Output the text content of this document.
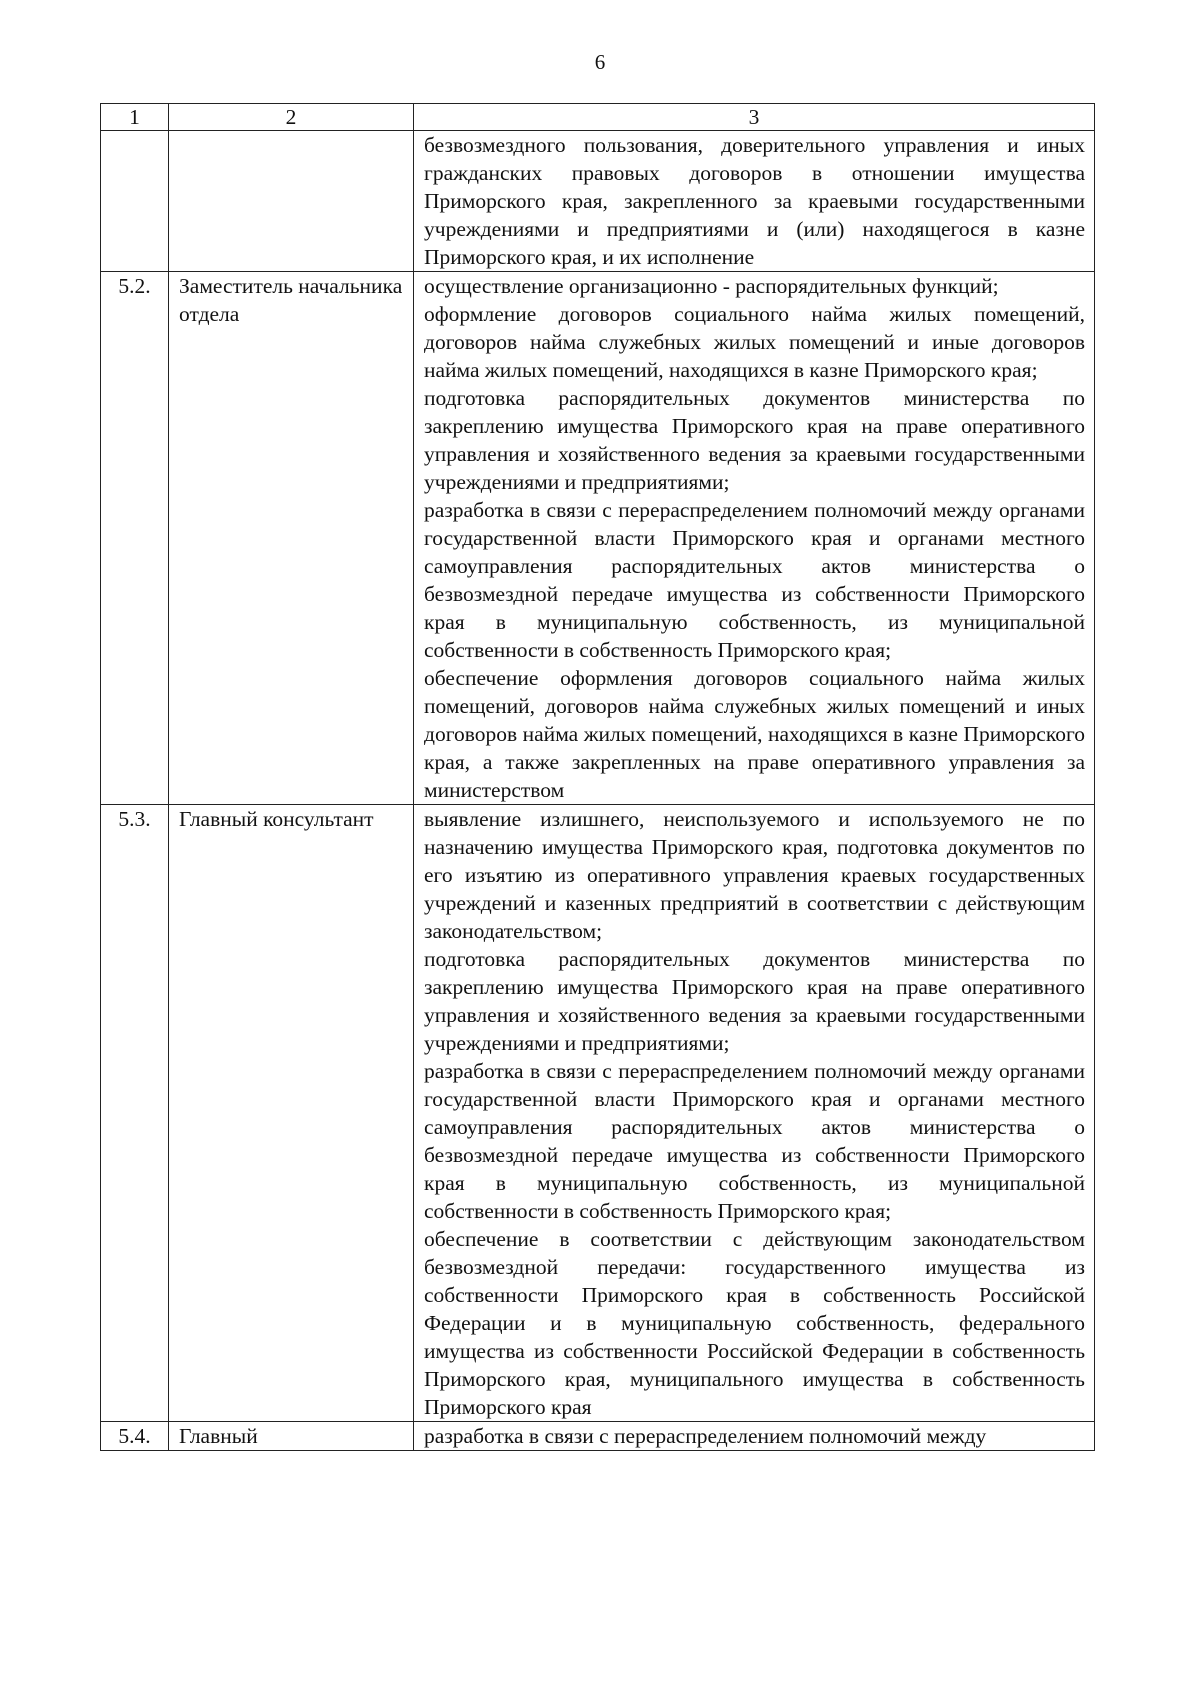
6
1	2	3

		безвозмездного пользования, доверительного управления и иных гражданских правовых договоров в отношении имущества Приморского края, закрепленного за краевыми государственными учреждениями и предприятиями и (или) находящегося в казне Приморского края, и их исполнение

5.2.	Заместитель начальника отдела	осуществление организационно - распорядительных функций;
оформление договоров социального найма жилых помещений, договоров найма служебных жилых помещений и иные договоров найма жилых помещений, находящихся в казне Приморского края;
подготовка распорядительных документов министерства по закреплению имущества Приморского края на праве оперативного управления и хозяйственного ведения за краевыми государственными учреждениями и предприятиями;
разработка в связи с перераспределением полномочий между органами государственной власти Приморского края и органами местного самоуправления распорядительных актов министерства о безвозмездной передаче имущества из собственности Приморского края в муниципальную собственность, из муниципальной собственности в собственность Приморского края;
обеспечение оформления договоров социального найма жилых помещений, договоров найма служебных жилых помещений и иных договоров найма жилых помещений, находящихся в казне Приморского края, а также закрепленных на праве оперативного управления за министерством

5.3.	Главный консультант	выявление излишнего, неиспользуемого и используемого не по назначению имущества Приморского края, подготовка документов по его изъятию из оперативного управления краевых государственных учреждений и казенных предприятий в соответствии с действующим законодательством;
подготовка распорядительных документов министерства по закреплению имущества Приморского края на праве оперативного управления и хозяйственного ведения за краевыми государственными учреждениями и предприятиями;
разработка в связи с перераспределением полномочий между органами государственной власти Приморского края и органами местного самоуправления распорядительных актов министерства о безвозмездной передаче имущества из собственности Приморского края в муниципальную собственность, из муниципальной собственности в собственность Приморского края;
обеспечение в соответствии с действующим законодательством безвозмездной передачи: государственного имущества из собственности Приморского края в собственность Российской Федерации и в муниципальную собственность, федерального имущества из собственности Российской Федерации в собственность Приморского края, муниципального имущества в собственность Приморского края

5.4.	Главный	разработка в связи с перераспределением полномочий между
